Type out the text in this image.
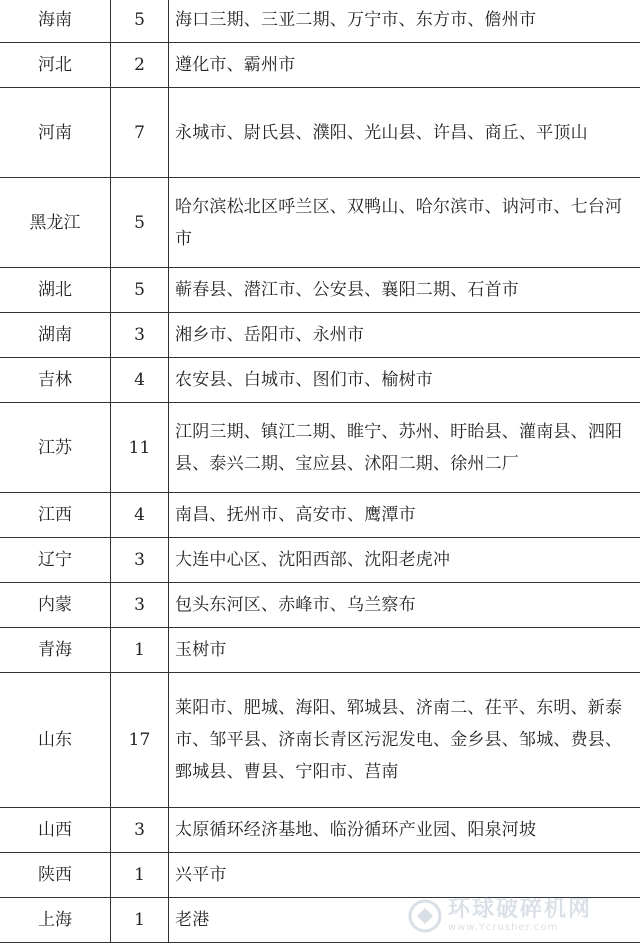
海南	5	海口三期、三亚二期、万宁市、东方市、儋州市

河北	2	遵化市、霸州市

河南	7	永城市、尉氏县、濮阳、光山县、许昌、商丘、平顶山

黑龙江	5	哈尔滨松北区呼兰区、双鸭山、哈尔滨市、讷河市、七台河市

湖北	5	蕲春县、潜江市、公安县、襄阳二期、石首市

湖南	3	湘乡市、岳阳市、永州市

吉林	4	农安县、白城市、图们市、榆树市

江苏	11	江阴三期、镇江二期、睢宁、苏州、盱眙县、灌南县、泗阳县、泰兴二期、宝应县、沭阳二期、徐州二厂

江西	4	南昌、抚州市、高安市、鹰潭市

辽宁	3	大连中心区、沈阳西部、沈阳老虎冲

内蒙	3	包头东河区、赤峰市、乌兰察布

青海	1	玉树市

山东	17	莱阳市、肥城、海阳、郓城县、济南二、茌平、东明、新泰市、邹平县、济南长青区污泥发电、金乡县、邹城、费县、鄄城县、曹县、宁阳市、莒南

山西	3	太原循环经济基地、临汾循环产业园、阳泉河坡

陕西	1	兴平市

上海	1	老港	环球破碎机网
www.Ycrusher.com
